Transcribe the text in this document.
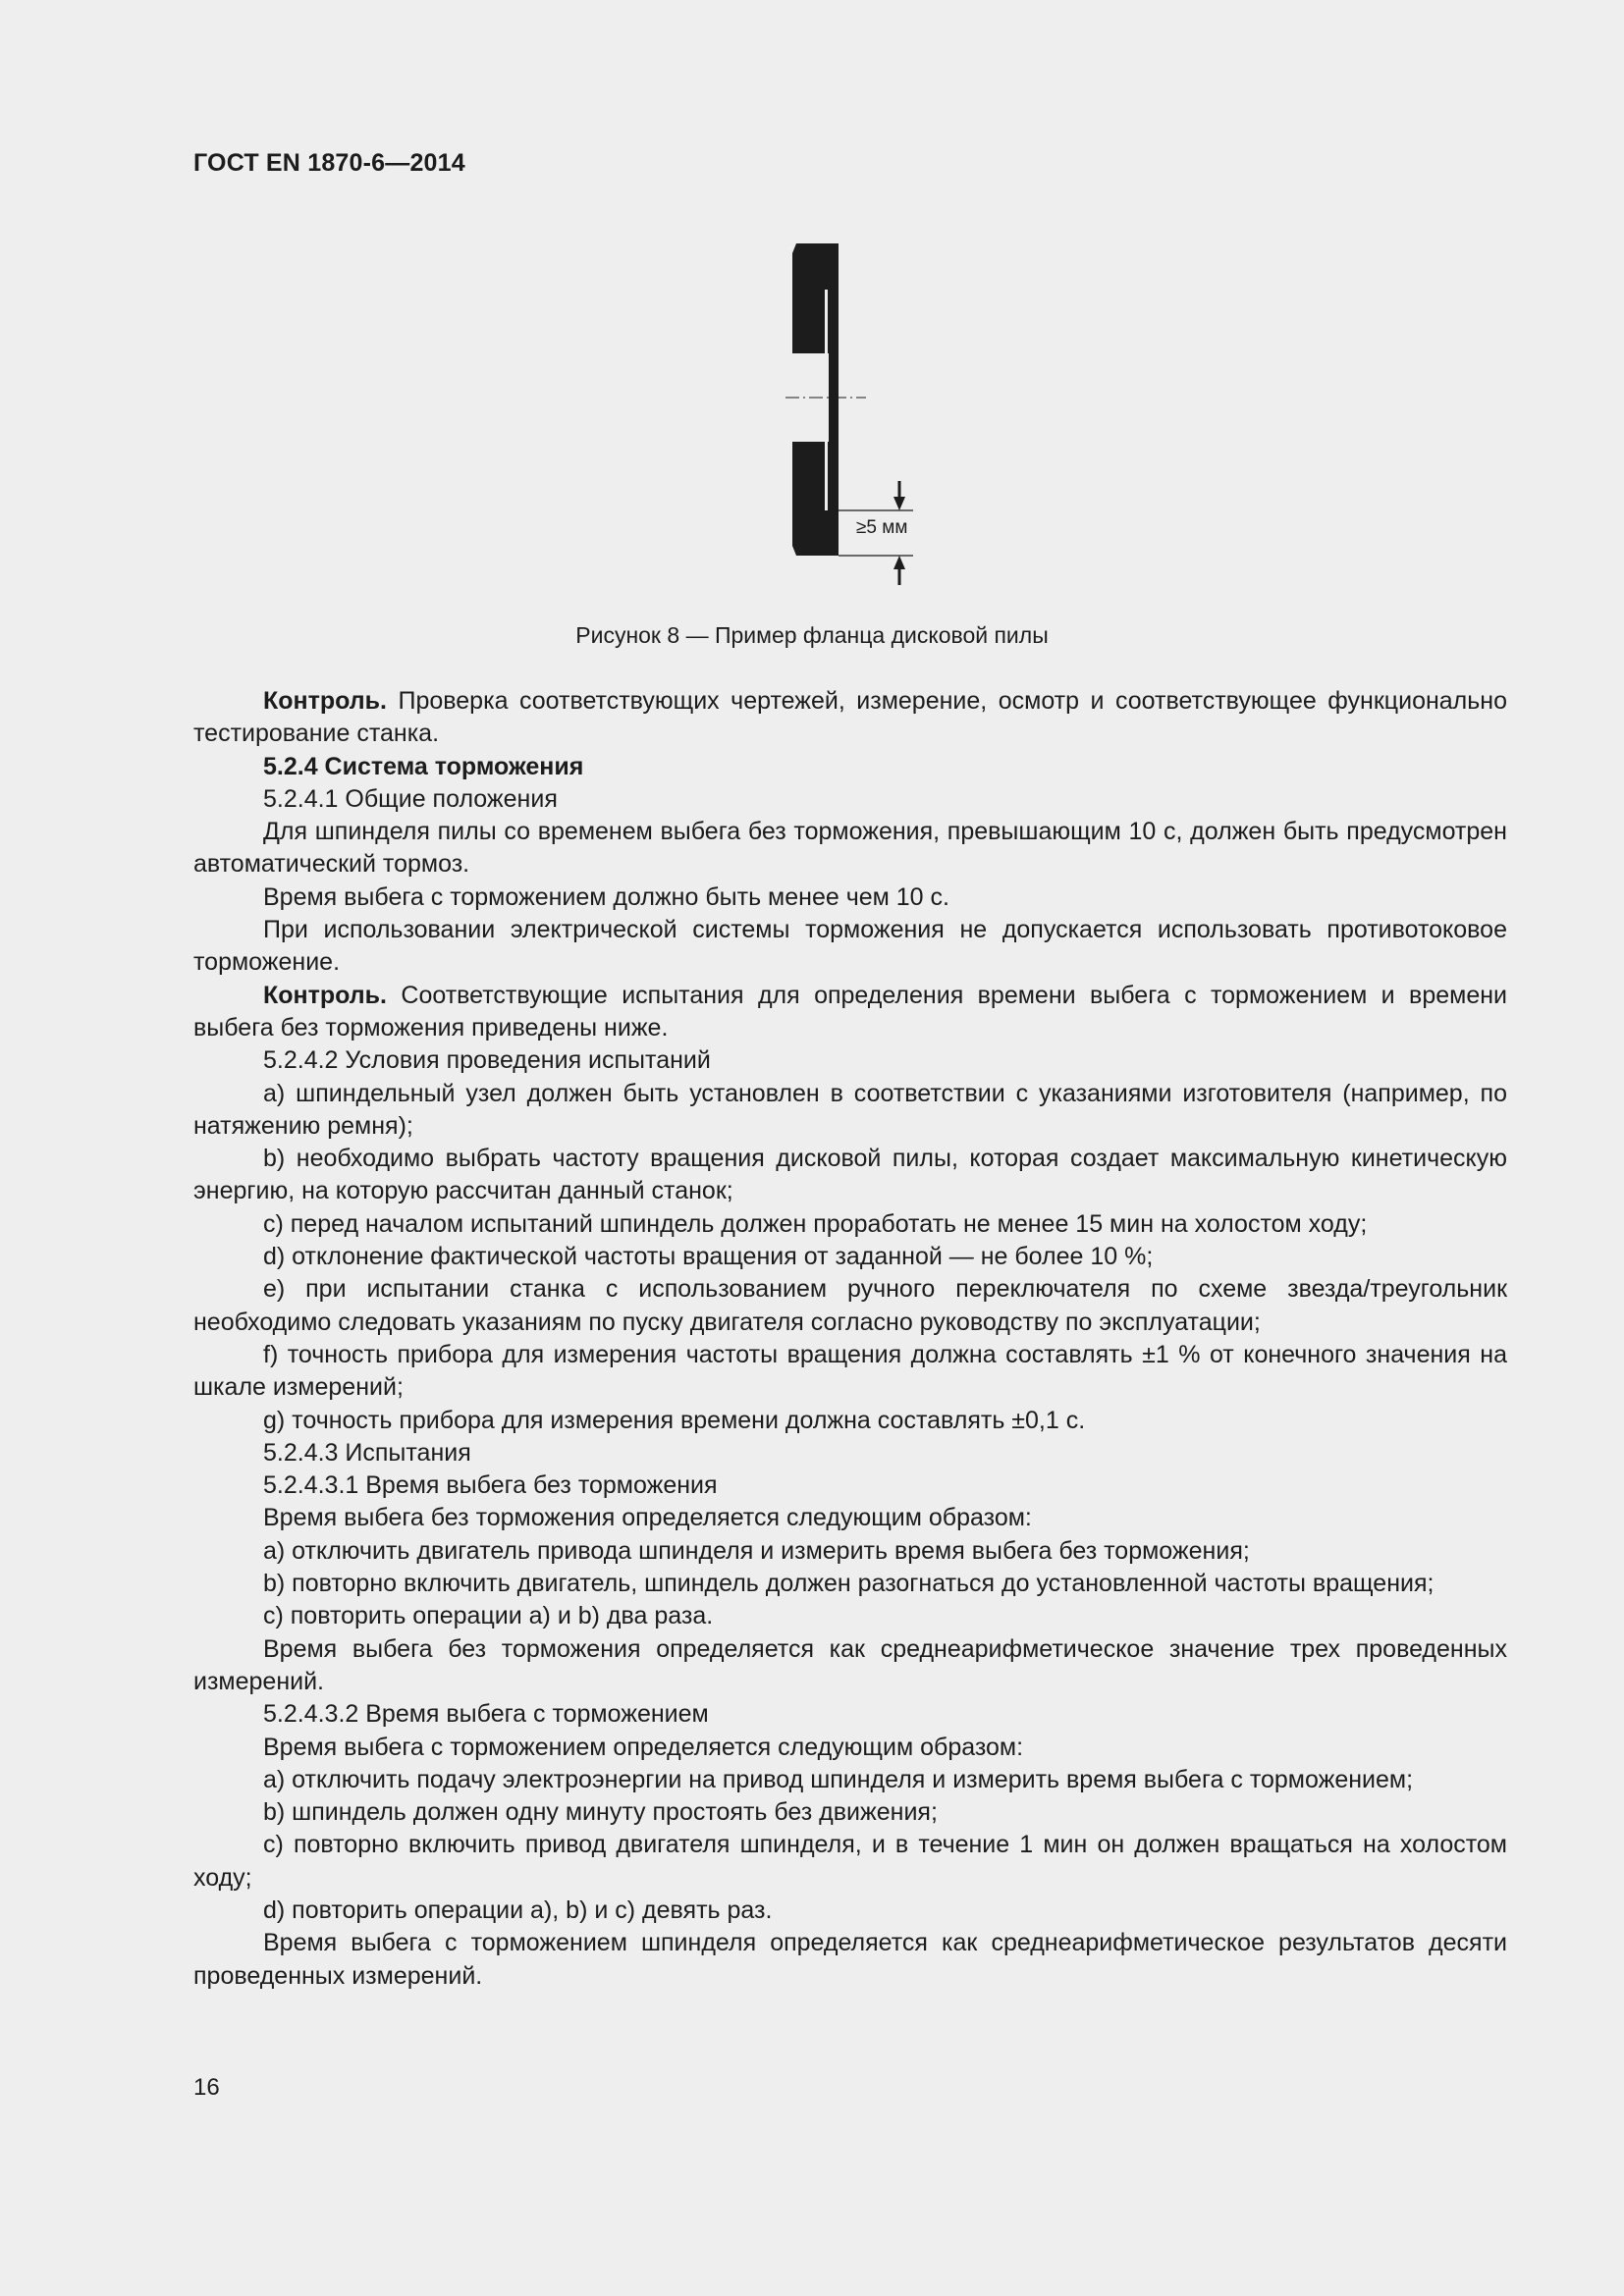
ГОСТ EN 1870-6—2014
≥5 мм
Рисунок 8 — Пример фланца дисковой пилы

Контроль. Проверка соответствующих чертежей, измерение, осмотр и соответствующее функционально тестирование станка.

5.2.4 Система торможения

5.2.4.1 Общие положения

Для шпинделя пилы со временем выбега без торможения, превышающим 10 с, должен быть предусмотрен автоматический тормоз.

Время выбега с торможением должно быть менее чем 10 с.

При использовании электрической системы торможения не допускается использовать противотоковое торможение.

Контроль. Соответствующие испытания для определения времени выбега с торможением и времени выбега без торможения приведены ниже.

5.2.4.2 Условия проведения испытаний

a) шпиндельный узел должен быть установлен в соответствии с указаниями изготовителя (например, по натяжению ремня);

b) необходимо выбрать частоту вращения дисковой пилы, которая создает максимальную кинетическую энергию, на которую рассчитан данный станок;

c) перед началом испытаний шпиндель должен проработать не менее 15 мин на холостом ходу;

d) отклонение фактической частоты вращения от заданной — не более 10 %;

e) при испытании станка с использованием ручного переключателя по схеме звезда/треугольник необходимо следовать указаниям по пуску двигателя согласно руководству по эксплуатации;

f) точность прибора для измерения частоты вращения должна составлять ±1 % от конечного значения на шкале измерений;

g) точность прибора для измерения времени должна составлять ±0,1 с.

5.2.4.3 Испытания

5.2.4.3.1 Время выбега без торможения

Время выбега без торможения определяется следующим образом:

a) отключить двигатель привода шпинделя и измерить время выбега без торможения;

b) повторно включить двигатель, шпиндель должен разогнаться до установленной частоты вращения;

c) повторить операции a) и b) два раза.

Время выбега без торможения определяется как среднеарифметическое значение трех проведенных измерений.

5.2.4.3.2 Время выбега с торможением

Время выбега с торможением определяется следующим образом:

a) отключить подачу электроэнергии на привод шпинделя и измерить время выбега с торможением;

b) шпиндель должен одну минуту простоять без движения;

c) повторно включить привод двигателя шпинделя, и в течение 1 мин он должен вращаться на холостом ходу;

d) повторить операции a), b) и c) девять раз.

Время выбега с торможением шпинделя определяется как среднеарифметическое результатов десяти проведенных измерений.

16
